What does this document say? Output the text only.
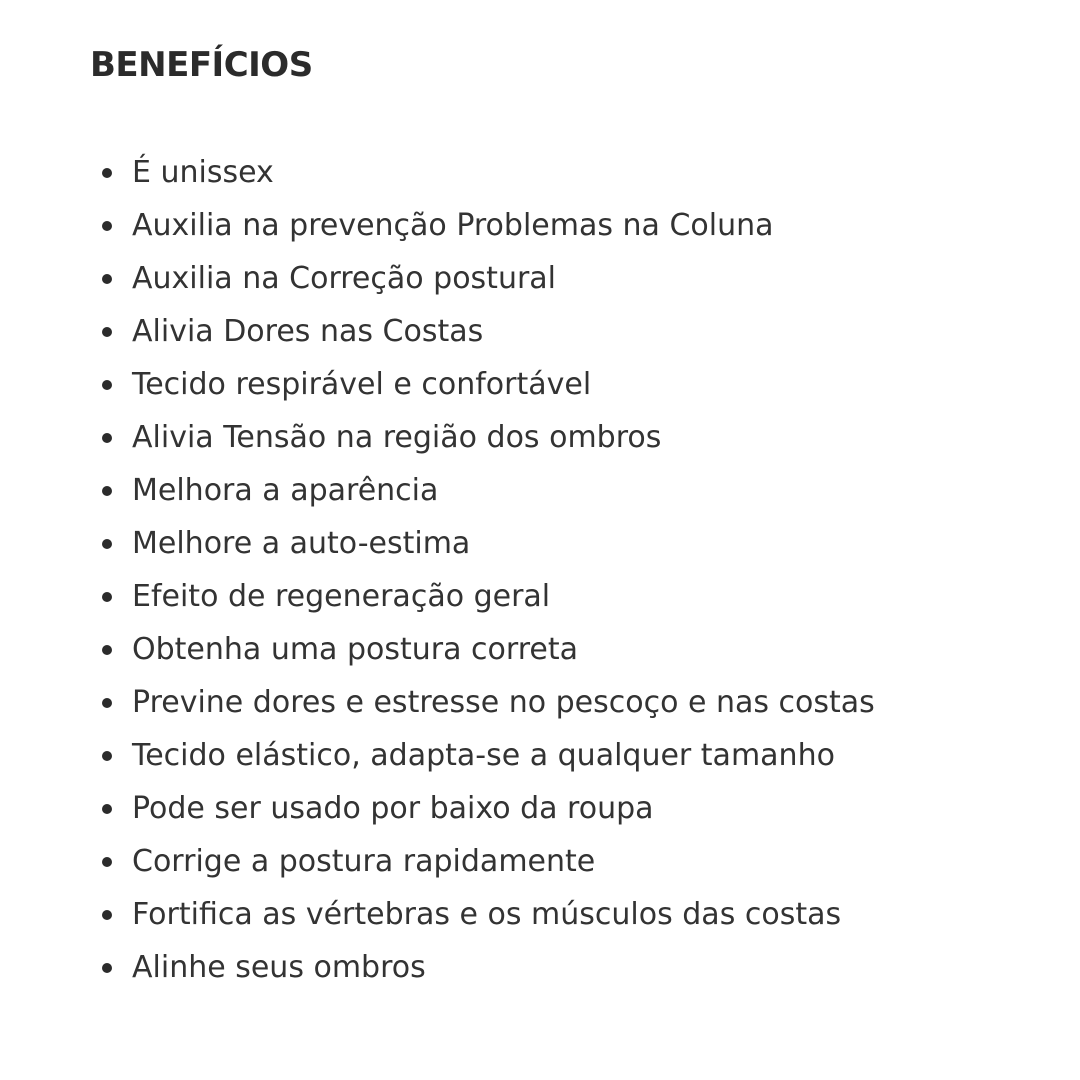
BENEFÍCIOS
É unissex
Auxilia na prevenção Problemas na Coluna
Auxilia na Correção postural
Alivia Dores nas Costas
Tecido respirável e confortável
Alivia Tensão na região dos ombros
Melhora a aparência
Melhore a auto-estima
Efeito de regeneração geral
Obtenha uma postura correta
Previne dores e estresse no pescoço e nas costas
Tecido elástico, adapta-se a qualquer tamanho
Pode ser usado por baixo da roupa
Corrige a postura rapidamente
Fortifica as vértebras e os músculos das costas
Alinhe seus ombros
